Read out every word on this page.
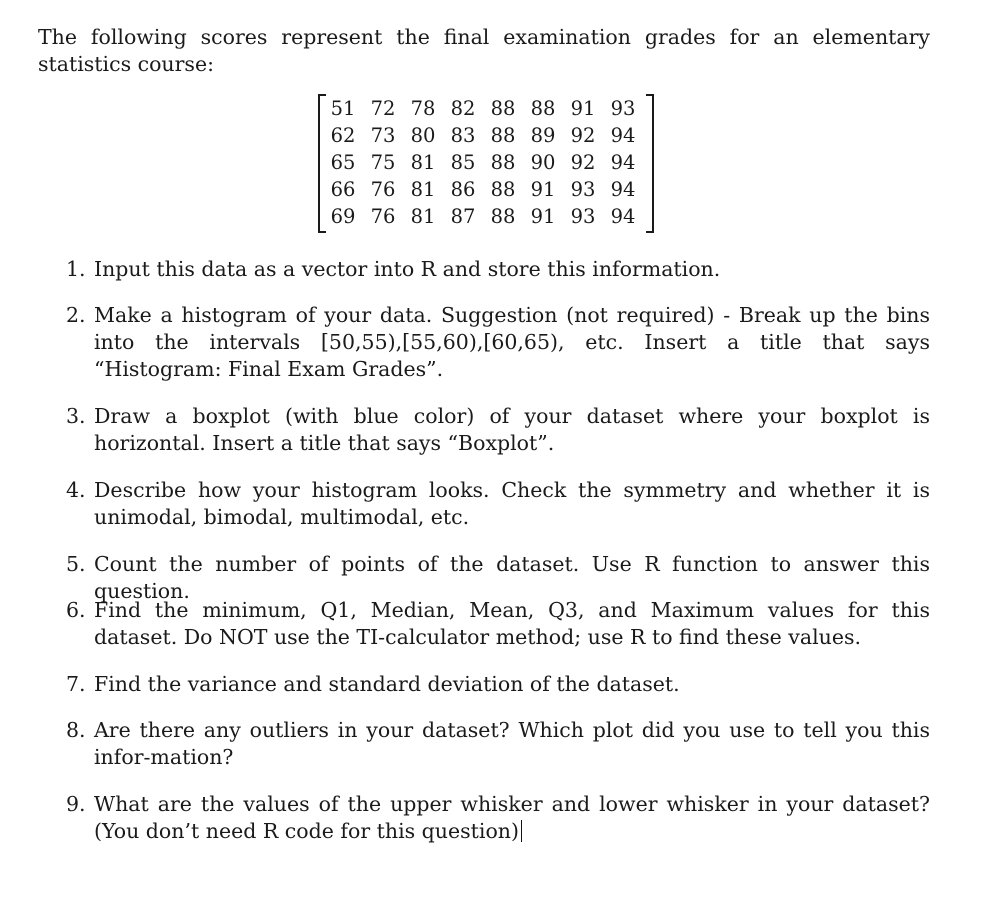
The following scores represent the final examination grades for an elementary statistics course:
51 72 78 82 88 88 91 93
62 73 80 83 88 89 92 94
65 75 81 85 88 90 92 94
66 76 81 86 88 91 93 94
69 76 81 87 88 91 93 94
1. Input this data as a vector into R and store this information.
2. Make a histogram of your data. Suggestion (not required) - Break up the bins into the intervals [50,55),[55,60),[60,65), etc. Insert a title that says “Histogram: Final Exam Grades”.
3. Draw a boxplot (with blue color) of your dataset where your boxplot is horizontal. Insert a title that says “Boxplot”.
4. Describe how your histogram looks. Check the symmetry and whether it is unimodal, bimodal, multimodal, etc.
5. Count the number of points of the dataset. Use R function to answer this question.
6. Find the minimum, Q1, Median, Mean, Q3, and Maximum values for this dataset. Do NOT use the TI-calculator method; use R to find these values.
7. Find the variance and standard deviation of the dataset.
8. Are there any outliers in your dataset? Which plot did you use to tell you this infor-mation?
9. What are the values of the upper whisker and lower whisker in your dataset? (You don’t need R code for this question)
